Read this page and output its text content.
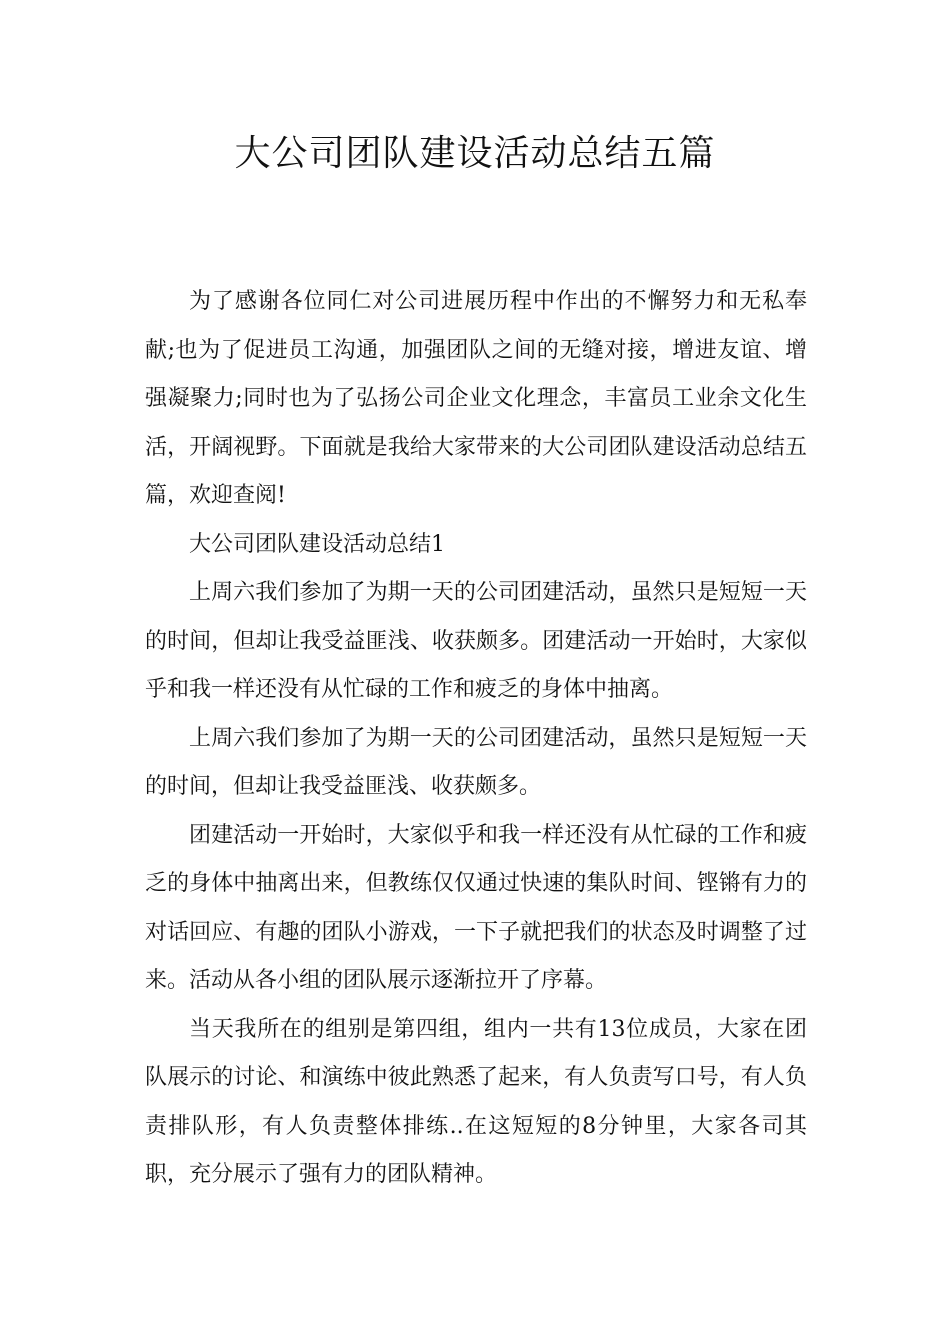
大公司团队建设活动总结五篇

为了感谢各位同仁对公司进展历程中作出的不懈努力和无私奉献;也为了促进员工沟通，加强团队之间的无缝对接，增进友谊、增强凝聚力;同时也为了弘扬公司企业文化理念，丰富员工业余文化生活，开阔视野。下面就是我给大家带来的大公司团队建设活动总结五篇，欢迎查阅!

大公司团队建设活动总结1

上周六我们参加了为期一天的公司团建活动，虽然只是短短一天的时间，但却让我受益匪浅、收获颇多。团建活动一开始时，大家似乎和我一样还没有从忙碌的工作和疲乏的身体中抽离。

上周六我们参加了为期一天的公司团建活动，虽然只是短短一天的时间，但却让我受益匪浅、收获颇多。

团建活动一开始时，大家似乎和我一样还没有从忙碌的工作和疲乏的身体中抽离出来，但教练仅仅通过快速的集队时间、铿锵有力的对话回应、有趣的团队小游戏，一下子就把我们的状态及时调整了过来。活动从各小组的团队展示逐渐拉开了序幕。

当天我所在的组别是第四组，组内一共有13位成员，大家在团队展示的讨论、和演练中彼此熟悉了起来，有人负责写口号，有人负责排队形，有人负责整体排练..在这短短的8分钟里，大家各司其职，充分展示了强有力的团队精神。
